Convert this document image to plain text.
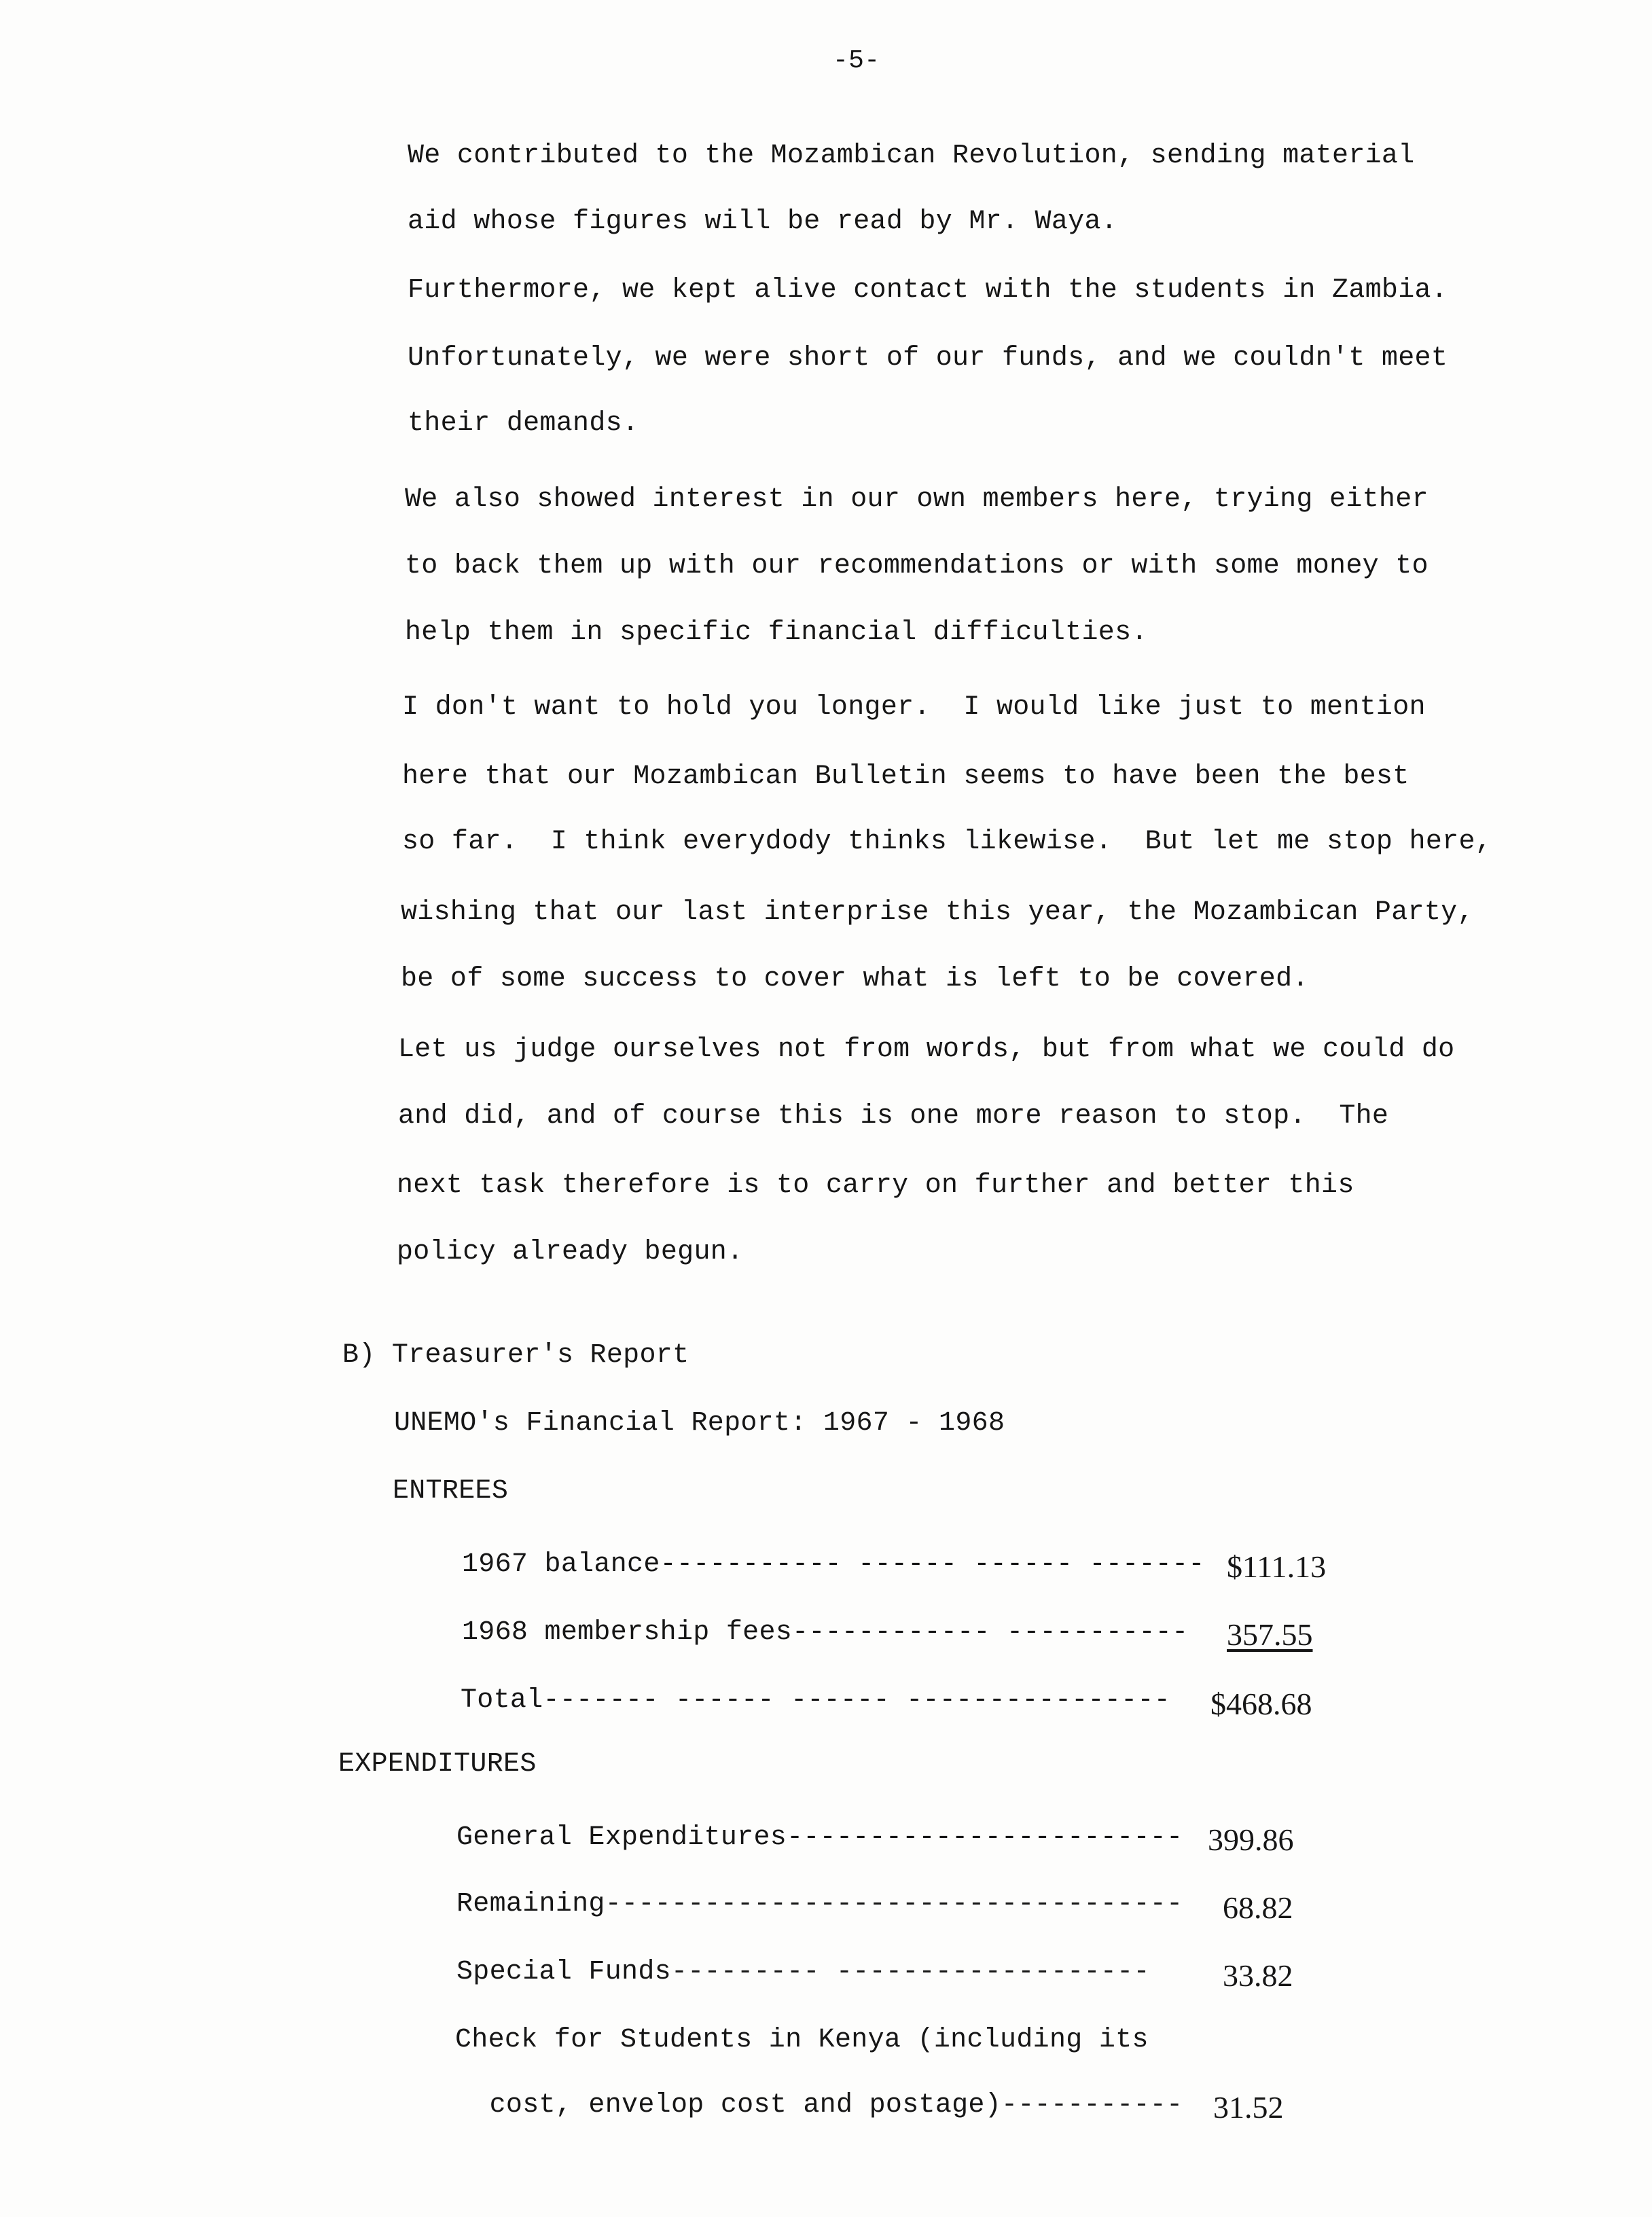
-5-
We contributed to the Mozambican Revolution, sending material
aid whose figures will be read by Mr. Waya.
Furthermore, we kept alive contact with the students in Zambia.
Unfortunately, we were short of our funds, and we couldn't meet
their demands.
We also showed interest in our own members here, trying either
to back them up with our recommendations or with some money to
help them in specific financial difficulties.
I don't want to hold you longer.  I would like just to mention
here that our Mozambican Bulletin seems to have been the best
so far.  I think everydody thinks likewise.  But let me stop here,
wishing that our last interprise this year, the Mozambican Party,
be of some success to cover what is left to be covered.
Let us judge ourselves not from words, but from what we could do
and did, and of course this is one more reason to stop.  The
next task therefore is to carry on further and better this
policy already begun.
B) Treasurer's Report
UNEMO's Financial Report: 1967 - 1968
ENTREES
1967 balance----------- ------ ------ ------- $111.13
1968 membership fees------------ ----------- 357.55
Total------- ------ ------ ---------------- $468.68
EXPENDITURES
General Expenditures------------------------ 399.86
Remaining----------------------------------- 68.82
Special Funds--------- ------------------- 33.82
Check for Students in Kenya (including its
cost, envelop cost and postage)----------- 31.52
